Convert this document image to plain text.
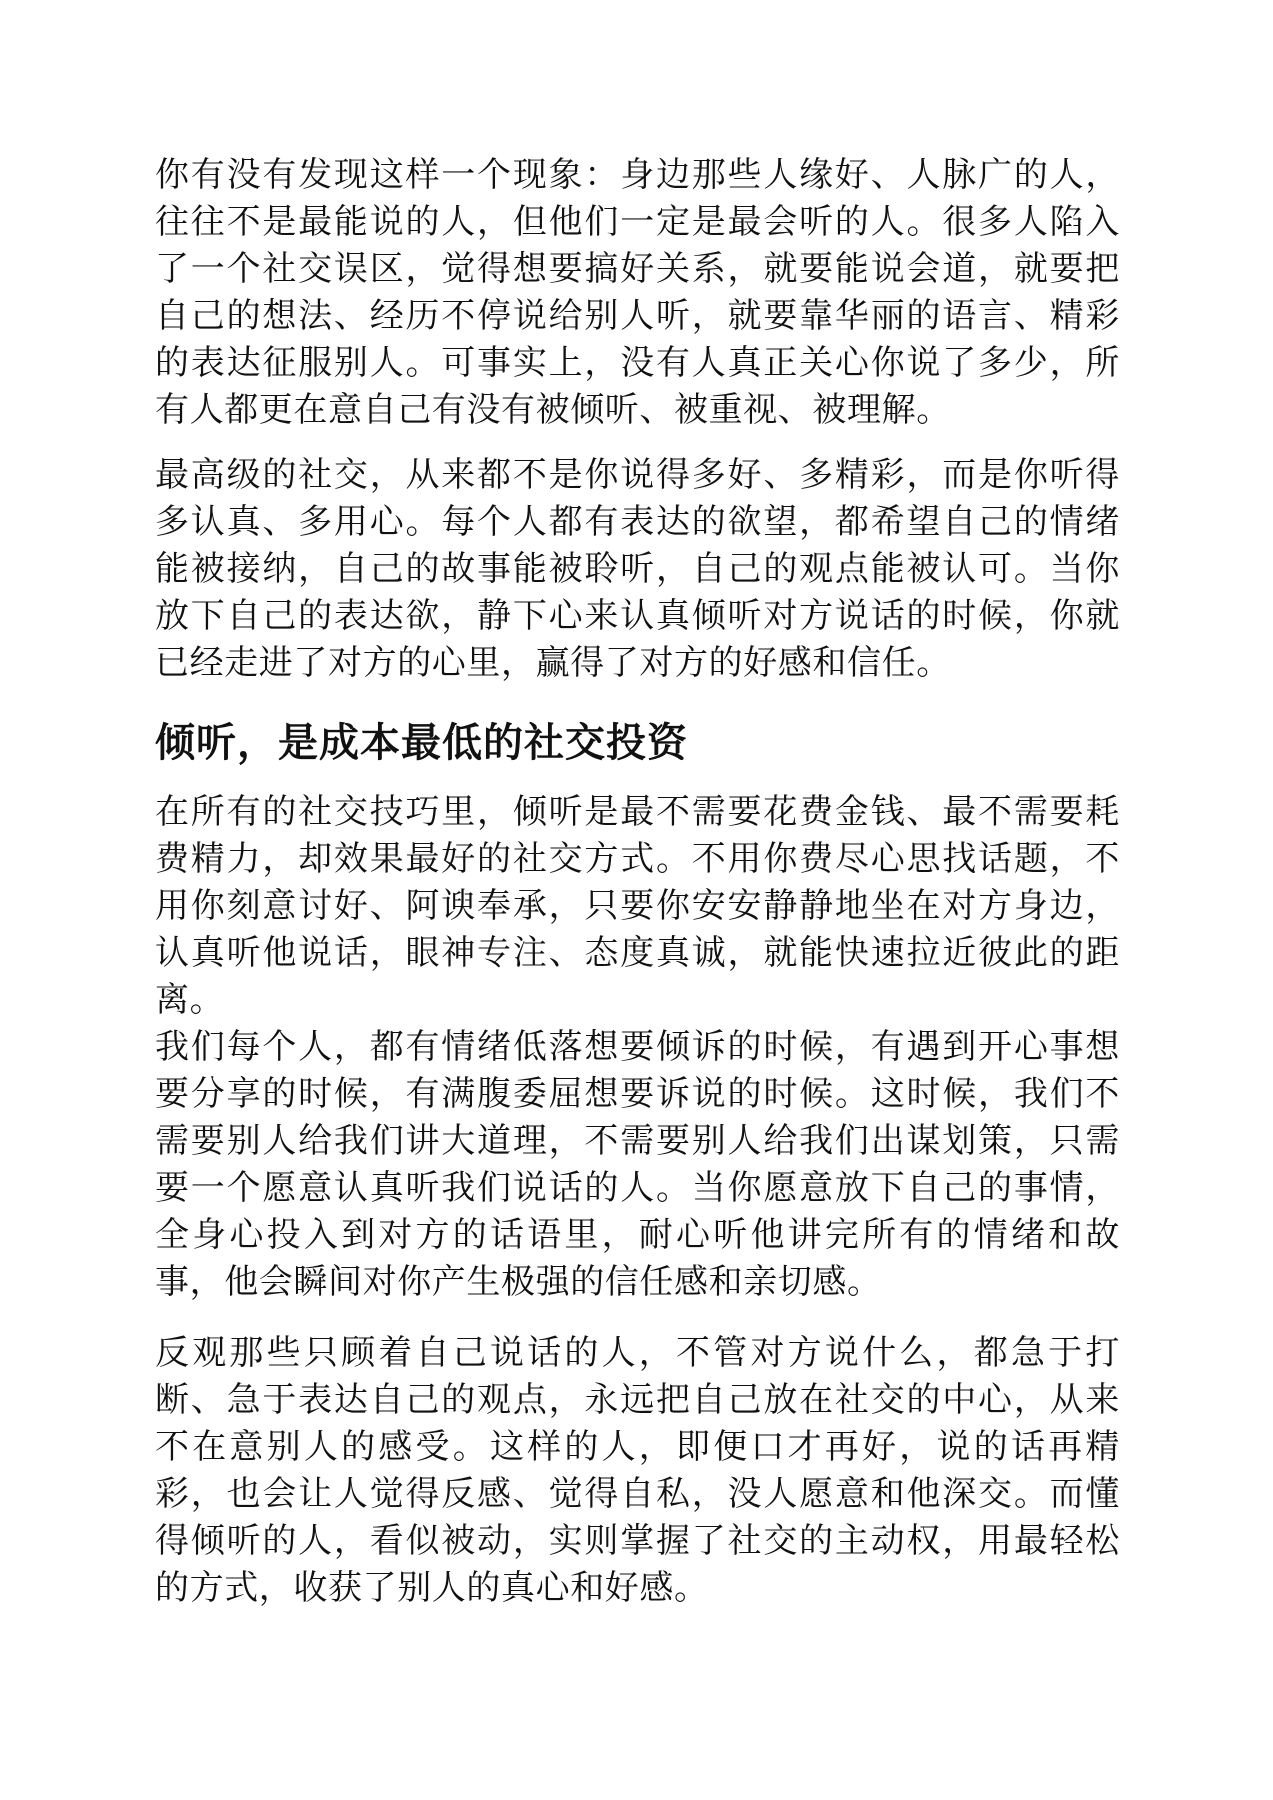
你有没有发现这样一个现象：身边那些人缘好、人脉广的人，往往不是最能说的人，但他们一定是最会听的人。很多人陷入了一个社交误区，觉得想要搞好关系，就要能说会道，就要把自己的想法、经历不停说给别人听，就要靠华丽的语言、精彩的表达征服别人。可事实上，没有人真正关心你说了多少，所有人都更在意自己有没有被倾听、被重视、被理解。

最高级的社交，从来都不是你说得多好、多精彩，而是你听得多认真、多用心。每个人都有表达的欲望，都希望自己的情绪能被接纳，自己的故事能被聆听，自己的观点能被认可。当你放下自己的表达欲，静下心来认真倾听对方说话的时候，你就已经走进了对方的心里，赢得了对方的好感和信任。

倾听，是成本最低的社交投资

在所有的社交技巧里，倾听是最不需要花费金钱、最不需要耗费精力，却效果最好的社交方式。不用你费尽心思找话题，不用你刻意讨好、阿谀奉承，只要你安安静静地坐在对方身边，认真听他说话，眼神专注、态度真诚，就能快速拉近彼此的距离。

我们每个人，都有情绪低落想要倾诉的时候，有遇到开心事想要分享的时候，有满腹委屈想要诉说的时候。这时候，我们不需要别人给我们讲大道理，不需要别人给我们出谋划策，只需要一个愿意认真听我们说话的人。当你愿意放下自己的事情，全身心投入到对方的话语里，耐心听他讲完所有的情绪和故事，他会瞬间对你产生极强的信任感和亲切感。

反观那些只顾着自己说话的人，不管对方说什么，都急于打断、急于表达自己的观点，永远把自己放在社交的中心，从来不在意别人的感受。这样的人，即便口才再好，说的话再精彩，也会让人觉得反感、觉得自私，没人愿意和他深交。而懂得倾听的人，看似被动，实则掌握了社交的主动权，用最轻松的方式，收获了别人的真心和好感。
